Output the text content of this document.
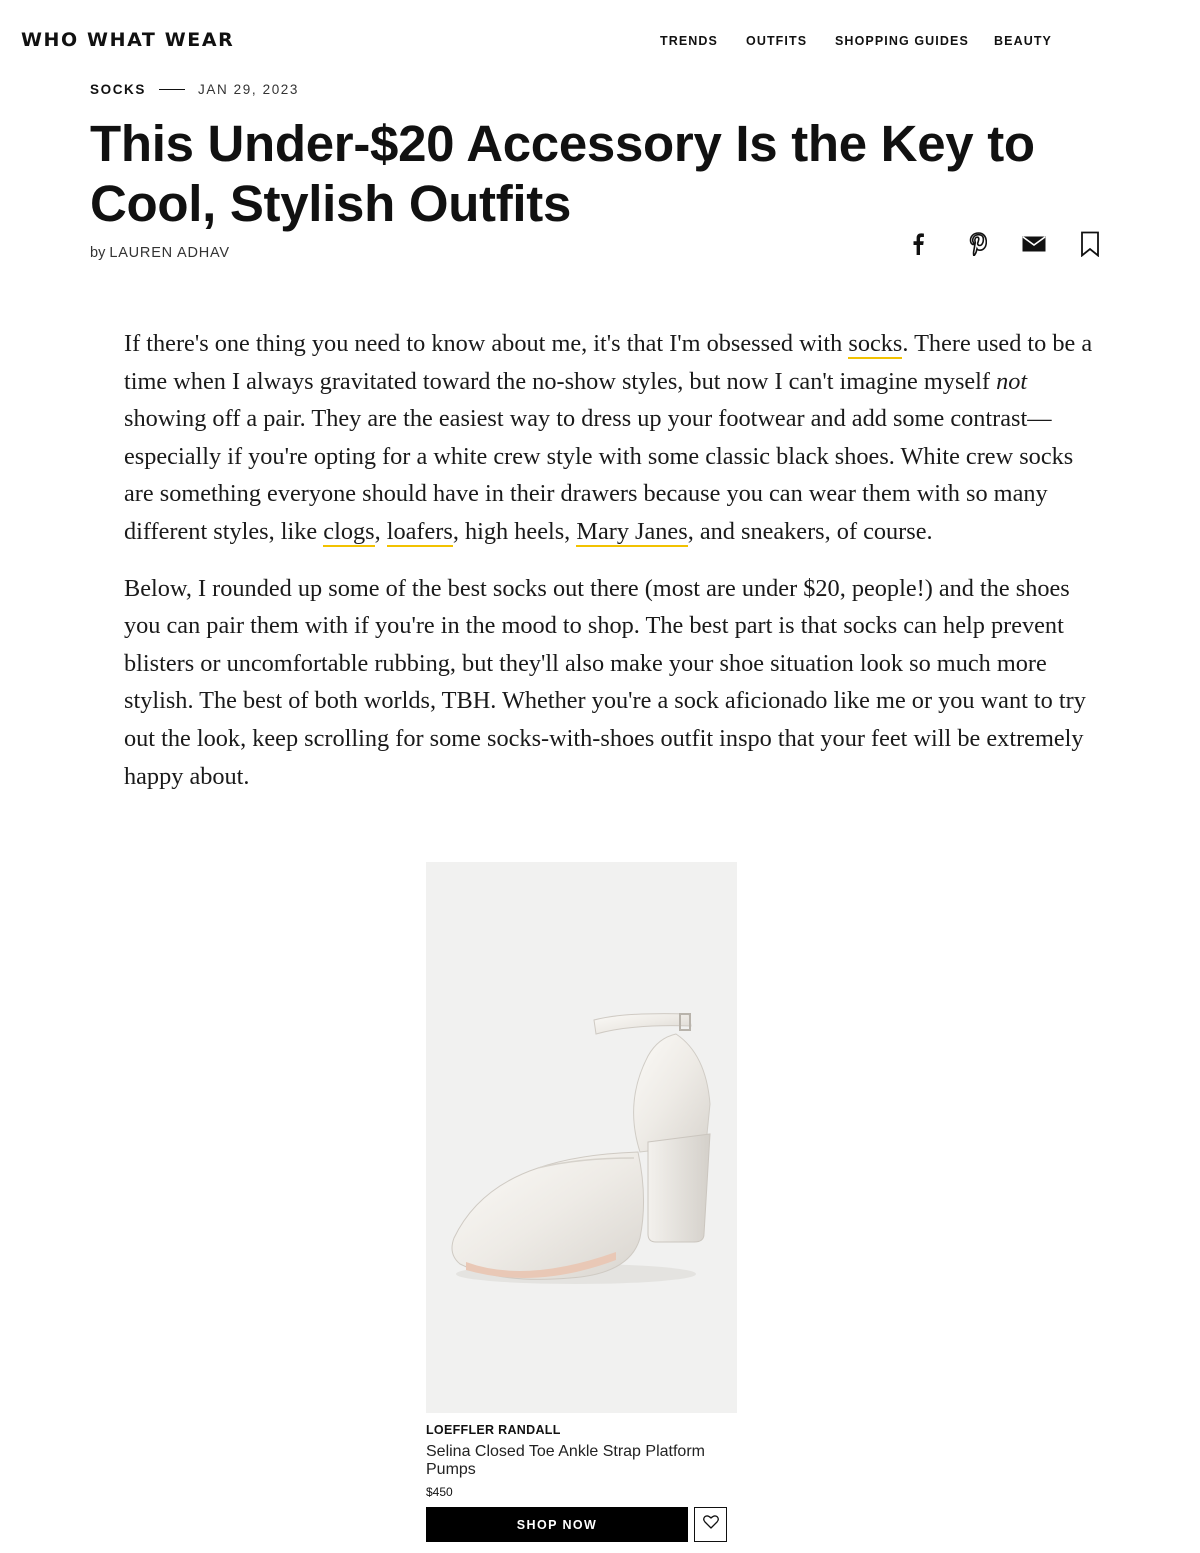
WHO WHAT WEAR	TRENDS OUTFITS SHOPPING GUIDES BEAUTY
SOCKS	JAN 29, 2023
This Under-$20 Accessory Is the Key to Cool, Stylish Outfits
by LAUREN ADHAV

If there's one thing you need to know about me, it's that I'm obsessed with socks. There used to be a time when I always gravitated toward the no-show styles, but now I can't imagine myself not showing off a pair. They are the easiest way to dress up your footwear and add some contrast—especially if you're opting for a white crew style with some classic black shoes. White crew socks are something everyone should have in their drawers because you can wear them with so many different styles, like clogs, loafers, high heels, Mary Janes, and sneakers, of course.

Below, I rounded up some of the best socks out there (most are under $20, people!) and the shoes you can pair them with if you're in the mood to shop. The best part is that socks can help prevent blisters or uncomfortable rubbing, but they'll also make your shoe situation look so much more stylish. The best of both worlds, TBH. Whether you're a sock aficionado like me or you want to try out the look, keep scrolling for some socks-with-shoes outfit inspo that your feet will be extremely happy about.

LOEFFLER RANDALL
Selina Closed Toe Ankle Strap Platform Pumps
$450
SHOP NOW
